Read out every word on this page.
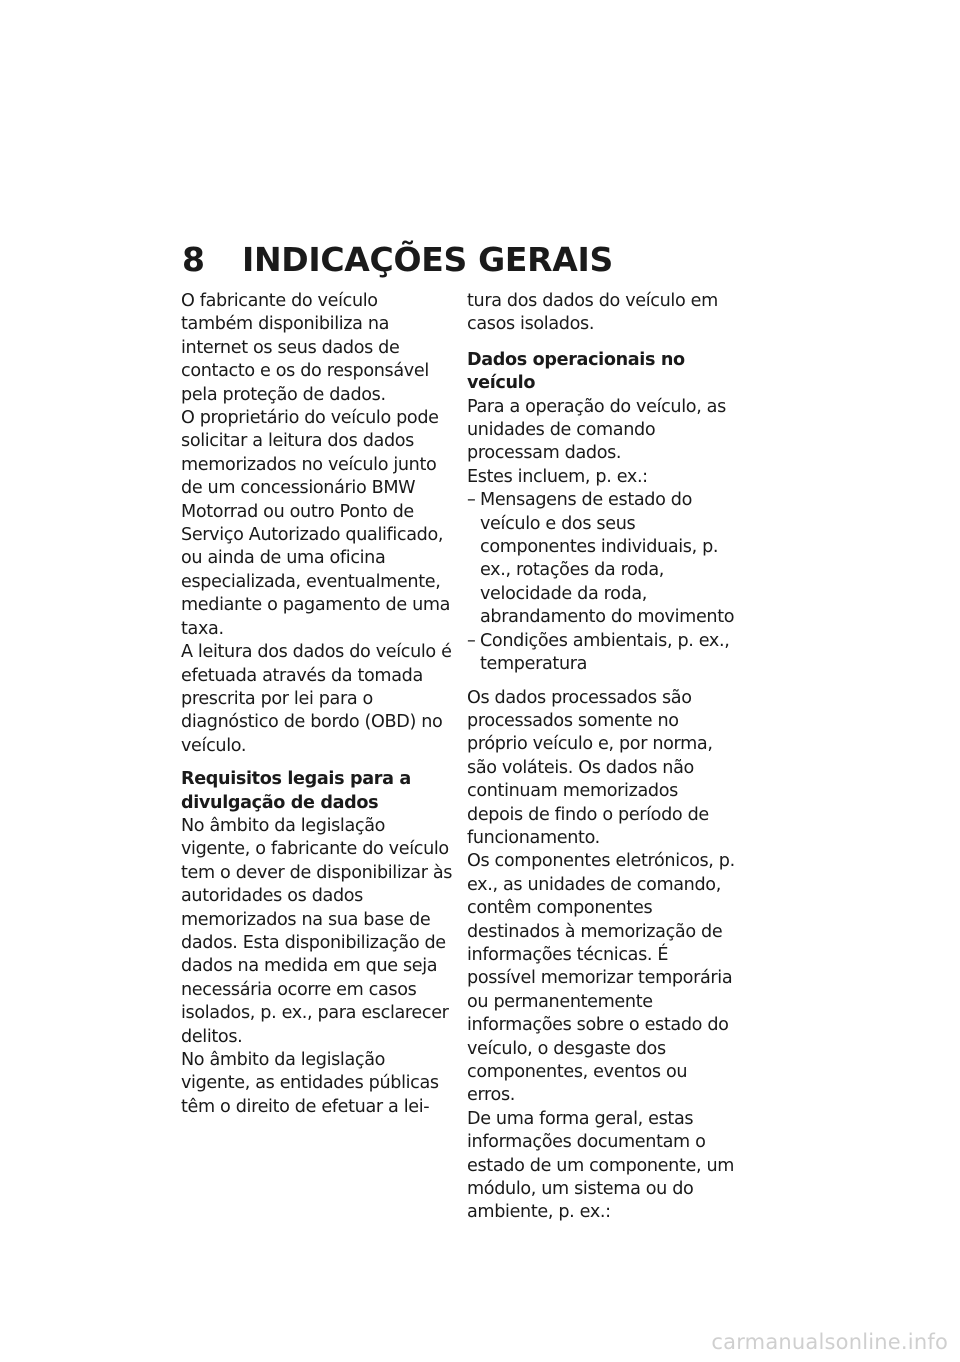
8 INDICAÇÕES GERAIS

O fabricante do veículo também disponibiliza na internet os seus dados de contacto e os do responsável pela proteção de dados.

O proprietário do veículo pode solicitar a leitura dos dados memorizados no veículo junto de um concessionário BMW Motorrad ou outro Ponto de Serviço Autorizado qualificado, ou ainda de uma oficina especializada, eventualmente, mediante o pagamento de uma taxa.

A leitura dos dados do veículo é efetuada através da tomada prescrita por lei para o diagnóstico de bordo (OBD) no veículo.

Requisitos legais para a divulgação de dados

No âmbito da legislação vigente, o fabricante do veículo tem o dever de disponibilizar às autoridades os dados memorizados na sua base de dados. Esta disponibilização de dados na medida em que seja necessária ocorre em casos isolados, p. ex., para esclarecer delitos.

No âmbito da legislação vigente, as entidades públicas têm o direito de efetuar a lei-

tura dos dados do veículo em casos isolados.

Dados operacionais no veículo

Para a operação do veículo, as unidades de comando processam dados.

Estes incluem, p. ex.:

– Mensagens de estado do veículo e dos seus componentes individuais, p. ex., rotações da roda, velocidade da roda, abrandamento do movimento
– Condições ambientais, p. ex., temperatura

Os dados processados são processados somente no próprio veículo e, por norma, são voláteis. Os dados não continuam memorizados depois de findo o período de funcionamento.

Os componentes eletrónicos, p. ex., as unidades de comando, contêm componentes destinados à memorização de informações técnicas. É possível memorizar temporária ou permanentemente informações sobre o estado do veículo, o desgaste dos componentes, eventos ou erros.

De uma forma geral, estas informações documentam o estado de um componente, um módulo, um sistema ou do ambiente, p. ex.:

carmanualsonline.info
